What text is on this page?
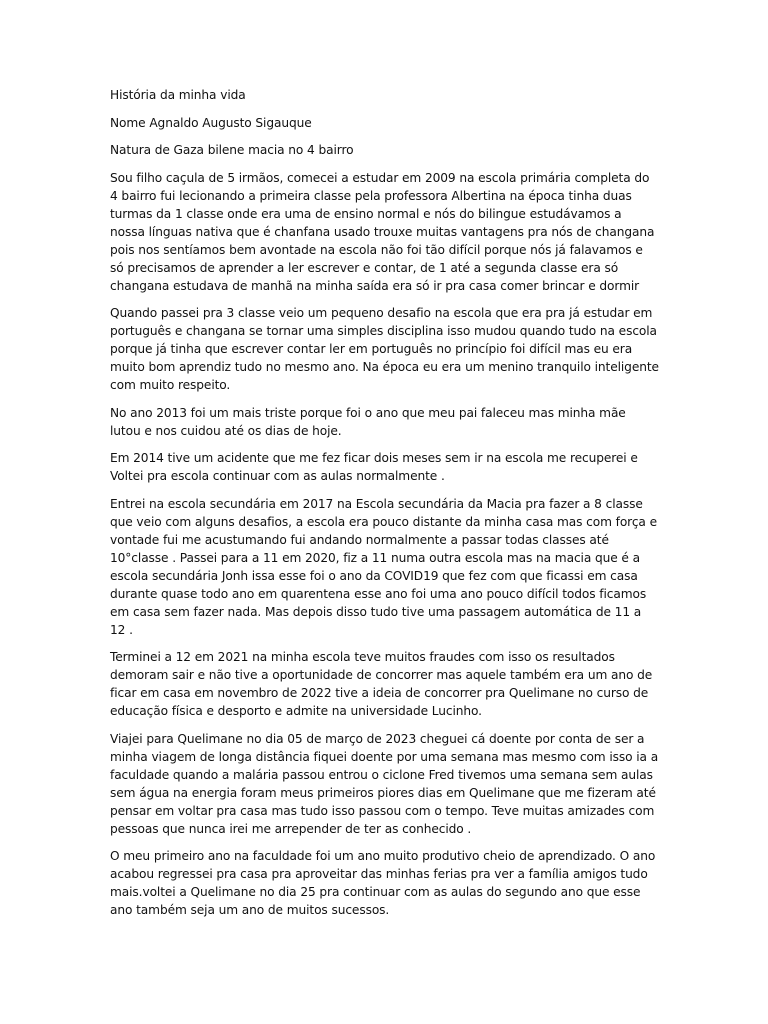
História da minha vida

Nome Agnaldo Augusto Sigauque

Natura de Gaza bilene macia no 4 bairro

Sou filho caçula de 5 irmãos, comecei a estudar em 2009 na escola primária completa do 4 bairro fui lecionando a primeira classe pela professora Albertina na época tinha duas turmas da 1 classe onde era uma de ensino normal e nós do bilingue estudávamos a nossa línguas nativa que é chanfana usado trouxe muitas vantagens pra nós de changana pois nos sentíamos bem avontade na escola não foi tão difícil porque nós já falavamos e só precisamos de aprender a ler escrever e contar, de 1 até a segunda classe era só changana estudava de manhã na minha saída era só ir pra casa comer brincar e dormir

Quando passei pra 3 classe veio um pequeno desafio na escola que era pra já estudar em português e changana se tornar uma simples disciplina isso mudou quando tudo na escola porque já tinha que escrever contar ler em português no princípio foi difícil mas eu era muito bom aprendiz tudo no mesmo ano. Na época eu era um menino tranquilo inteligente com muito respeito.

No ano 2013 foi um mais triste porque foi o ano que meu pai faleceu mas minha mãe lutou e nos cuidou até os dias de hoje.

Em 2014 tive um acidente que me fez ficar dois meses sem ir na escola me recuperei e Voltei pra escola continuar com as aulas normalmente .

Entrei na escola secundária em 2017 na Escola secundária da Macia pra fazer a 8 classe que veio com alguns desafios, a escola era pouco distante da minha casa mas com força e vontade fui me acustumando fui andando normalmente a passar todas classes até 10°classe . Passei para a 11 em 2020, fiz a 11 numa outra escola mas na macia que é a escola secundária Jonh issa esse foi o ano da COVID19 que fez com que ficassi em casa durante quase todo ano em quarentena esse ano foi uma ano pouco difícil todos ficamos em casa sem fazer nada. Mas depois disso tudo tive uma passagem automática de 11 a 12 .

Terminei a 12 em 2021 na minha escola teve muitos fraudes com isso os resultados demoram sair e não tive a oportunidade de concorrer mas aquele também era um ano de ficar em casa em novembro de 2022 tive a ideia de concorrer pra Quelimane no curso de educação física e desporto e admite na universidade Lucinho.

Viajei para Quelimane no dia 05 de março de 2023 cheguei cá doente por conta de ser a minha viagem de longa distância fiquei doente por uma semana mas mesmo com isso ia a faculdade quando a malária passou entrou o ciclone Fred tivemos uma semana sem aulas sem água na energia foram meus primeiros piores dias em Quelimane que me fizeram até pensar em voltar pra casa mas tudo isso passou com o tempo. Teve muitas amizades com pessoas que nunca irei me arrepender de ter as conhecido .

O meu primeiro ano na faculdade foi um ano muito produtivo cheio de aprendizado. O ano acabou regressei pra casa pra aproveitar das minhas ferias pra ver a família amigos tudo mais.voltei a Quelimane no dia 25 pra continuar com as aulas do segundo ano que esse ano também seja um ano de muitos sucessos.
